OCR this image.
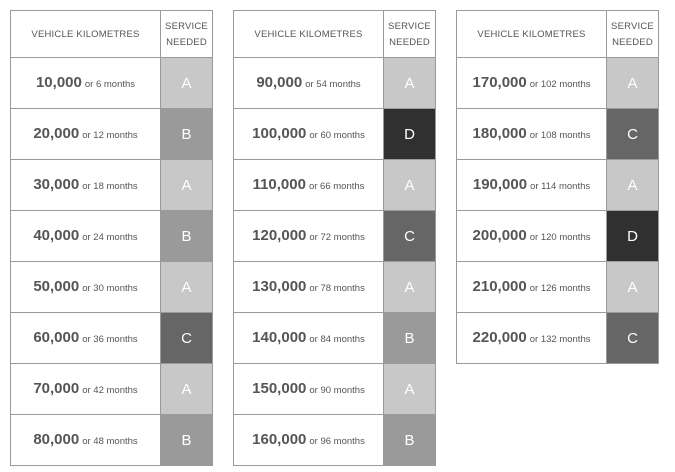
VEHICLE KILOMETRES	SERVICE
NEEDED
10,000 or 6 months	A
20,000 or 12 months	B
30,000 or 18 months	A
40,000 or 24 months	B
50,000 or 30 months	A
60,000 or 36 months	C
70,000 or 42 months	A
80,000 or 48 months	B
VEHICLE KILOMETRES	SERVICE
NEEDED
90,000 or 54 months	A
100,000 or 60 months	D
110,000 or 66 months	A
120,000 or 72 months	C
130,000 or 78 months	A
140,000 or 84 months	B
150,000 or 90 months	A
160,000 or 96 months	B
VEHICLE KILOMETRES	SERVICE
NEEDED
170,000 or 102 months	A
180,000 or 108 months	C
190,000 or 114 months	A
200,000 or 120 months	D
210,000 or 126 months	A
220,000 or 132 months	C
